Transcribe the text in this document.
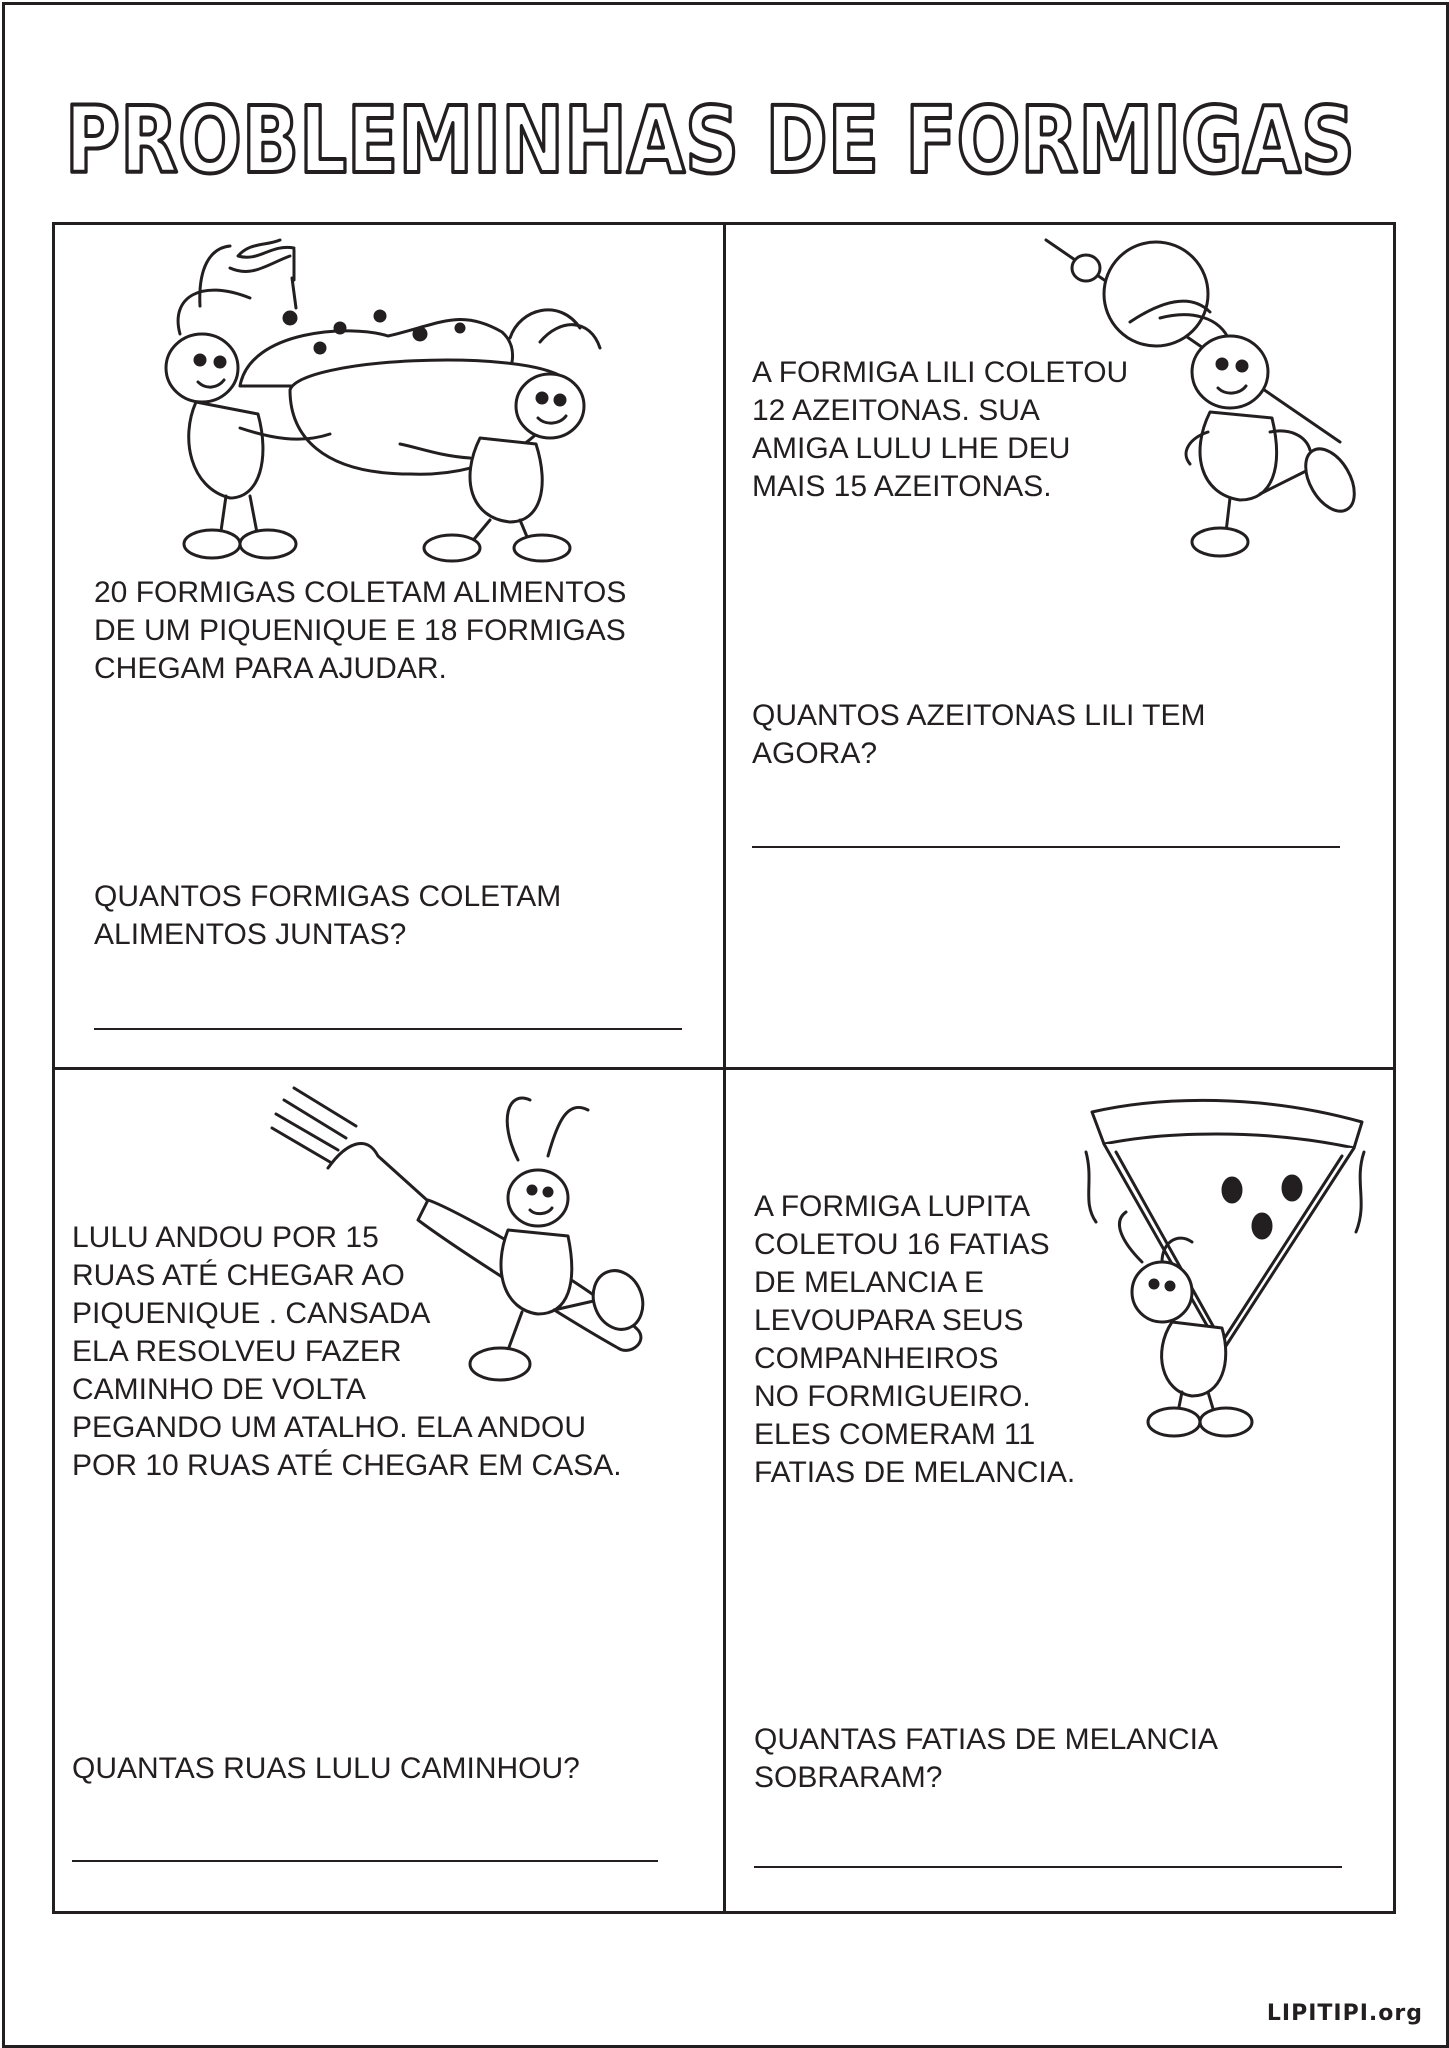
PROBLEMINHAS DE FORMIGAS

20 FORMIGAS COLETAM ALIMENTOS
DE UM PIQUENIQUE E 18 FORMIGAS
CHEGAM PARA AJUDAR.

QUANTOS FORMIGAS COLETAM
ALIMENTOS JUNTAS?

A FORMIGA LILI COLETOU
12 AZEITONAS. SUA
AMIGA LULU LHE DEU
MAIS 15 AZEITONAS.

QUANTOS AZEITONAS LILI TEM
AGORA?

LULU ANDOU POR 15
RUAS ATÉ CHEGAR AO
PIQUENIQUE . CANSADA
ELA RESOLVEU FAZER
CAMINHO DE VOLTA
PEGANDO UM ATALHO. ELA ANDOU
POR 10 RUAS ATÉ CHEGAR EM CASA.

QUANTAS RUAS LULU CAMINHOU?

A FORMIGA LUPITA
COLETOU 16 FATIAS
DE MELANCIA E
LEVOUPARA SEUS
COMPANHEIROS
NO FORMIGUEIRO.
ELES COMERAM 11
FATIAS DE MELANCIA.

QUANTAS FATIAS DE MELANCIA
SOBRARAM?

LIPITIPI.org
